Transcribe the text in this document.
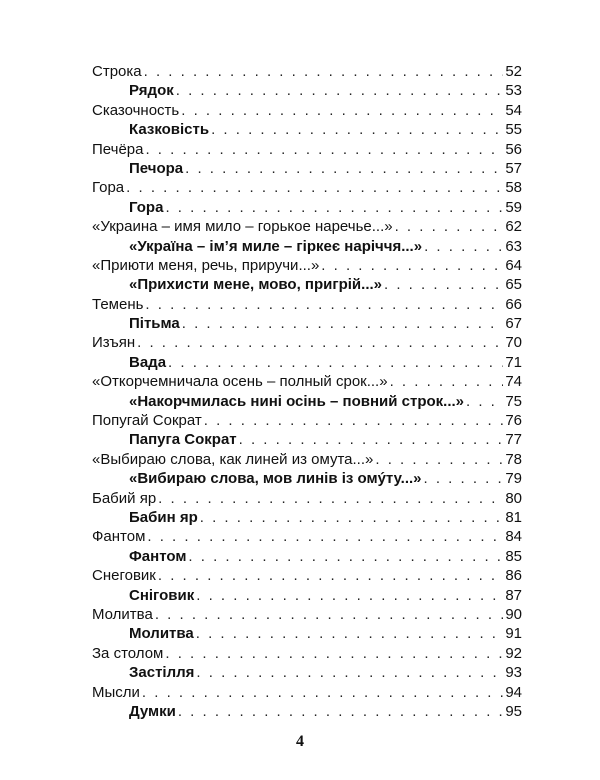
Строка . . .	52
Рядок . . .	53
Сказочность . . .	54
Казковість . . .	55
Печёра . . .	56
Печора . . .	57
Гора . . .	58
Гора . . .	59
«Украина – имя мило – горькое наречье...» . . .	62
«Україна – ім’я миле – гіркеє наріччя...» . . .	63
«Приюти меня, речь, приручи...» . . .	64
«Прихисти мене, мово, пригрій...» . . .	65
Темень . . .	66
Пітьма . . .	67
Изъян . . .	70
Вада . . .	71
«Откорчемничала осень – полный срок...» . . .	74
«Накорчмилась нині осінь – повний строк...» . . .	75
Попугай Сократ . . .	76
Папуга Сократ . . .	77
«Выбираю слова, как линей из омута...» . . .	78
«Вибираю слова, мов линів із омýту...» . . .	79
Бабий яр . . .	80
Бабин яр . . .	81
Фантом . . .	84
Фантом . . .	85
Снеговик . . .	86
Сніговик . . .	87
Молитва . . .	90
Молитва . . .	91
За столом . . .	92
Застілля . . .	93
Мысли . . .	94
Думки . . .	95
4
